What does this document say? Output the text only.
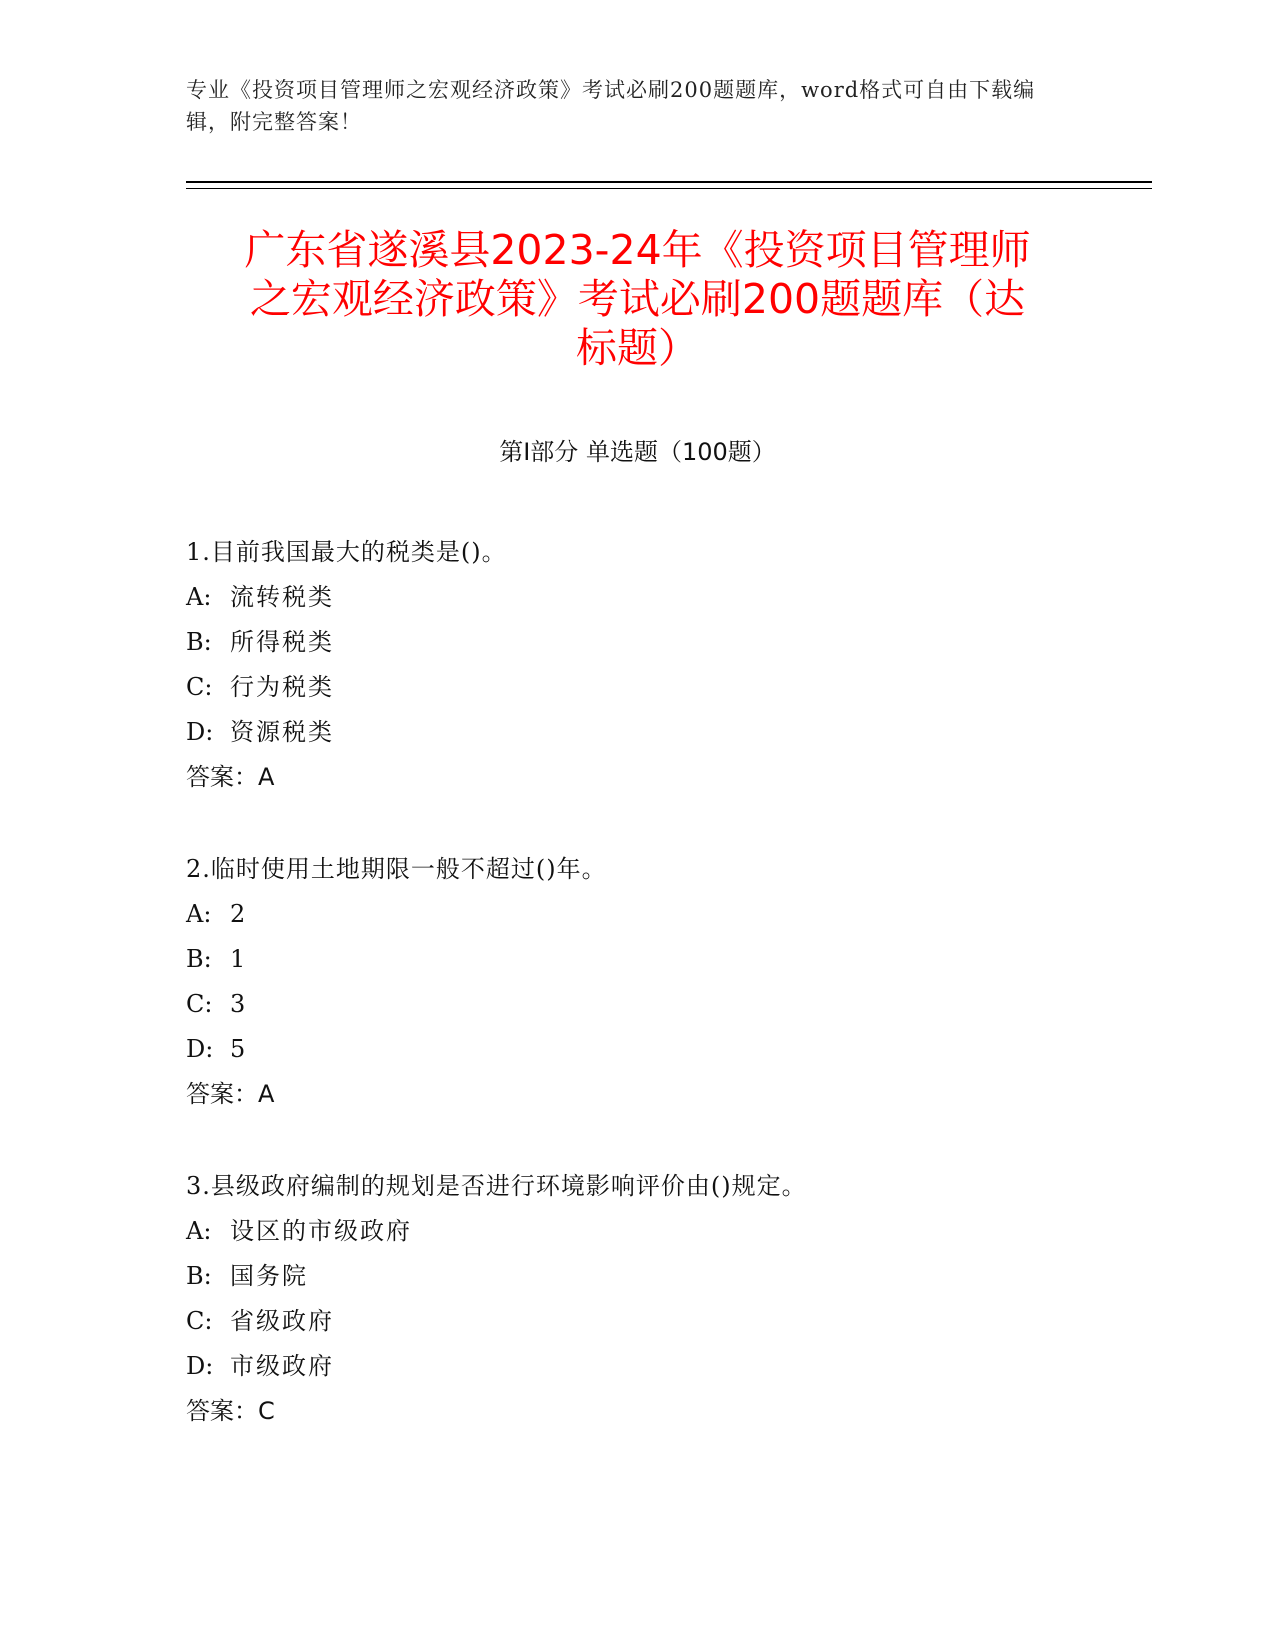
专业《投资项目管理师之宏观经济政策》考试必刷200题题库，word格式可自由下载编辑，附完整答案！
广东省遂溪县2023-24年《投资项目管理师
之宏观经济政策》考试必刷200题题库（达
标题）
第Ⅰ部分 单选题（100题）
1.目前我国最大的税类是()。
A: 流转税类
B: 所得税类
C: 行为税类
D: 资源税类
答案：A
2.临时使用土地期限一般不超过()年。
A: 2
B: 1
C: 3
D: 5
答案：A
3.县级政府编制的规划是否进行环境影响评价由()规定。
A: 设区的市级政府
B: 国务院
C: 省级政府
D: 市级政府
答案：C
